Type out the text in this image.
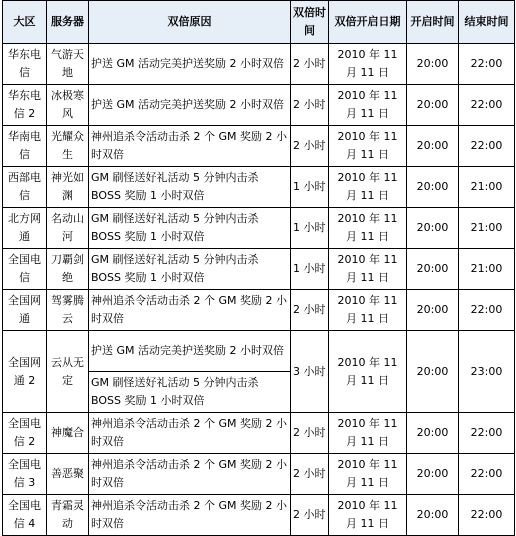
大区	服务器	双倍原因	双倍时间	双倍开启日期	开启时间	结束时间
华东电信	气游天地	护送 GM 活动完美护送奖励 2 小时双倍	2 小时	2010 年 11 月 11 日	20:00	22:00
华东电信 2	冰极寒风	护送 GM 活动完美护送奖励 2 小时双倍	2 小时	2010 年 11 月 11 日	20:00	22:00
华南电信	光耀众生	神州追杀令活动击杀 2 个 GM 奖励 2 小时双倍	2 小时	2010 年 11 月 11 日	20:00	22:00
西部电信	神光如渊	GM 刷怪送好礼活动 5 分钟内击杀 BOSS 奖励 1 小时双倍	1 小时	2010 年 11 月 11 日	20:00	21:00
北方网通	名动山河	GM 刷怪送好礼活动 5 分钟内击杀 BOSS 奖励 1 小时双倍	1 小时	2010 年 11 月 11 日	20:00	21:00
全国电信	刀覇剑绝	GM 刷怪送好礼活动 5 分钟内击杀 BOSS 奖励 1 小时双倍	1 小时	2010 年 11 月 11 日	20:00	21:00
全国网通	驾雾腾云	神州追杀令活动击杀 2 个 GM 奖励 2 小时双倍	2 小时	2010 年 11 月 11 日	20:00	22:00
全国网通 2	云从无定	护送 GM 活动完美护送奖励 2 小时双倍	3 小时	2010 年 11 月 11 日	20:00	23:00
		GM 刷怪送好礼活动 5 分钟内击杀 BOSS 奖励 1 小时双倍				
全国电信 2	神魔合	神州追杀令活动击杀 2 个 GM 奖励 2 小时双倍	2 小时	2010 年 11 月 11 日	20:00	22:00
全国电信 3	善恶聚	神州追杀令活动击杀 2 个 GM 奖励 2 小时双倍	2 小时	2010 年 11 月 11 日	20:00	22:00
全国电信 4	青霜灵动	神州追杀令活动击杀 2 个 GM 奖励 2 小时双倍	2 小时	2010 年 11 月 11 日	20:00	22:00
